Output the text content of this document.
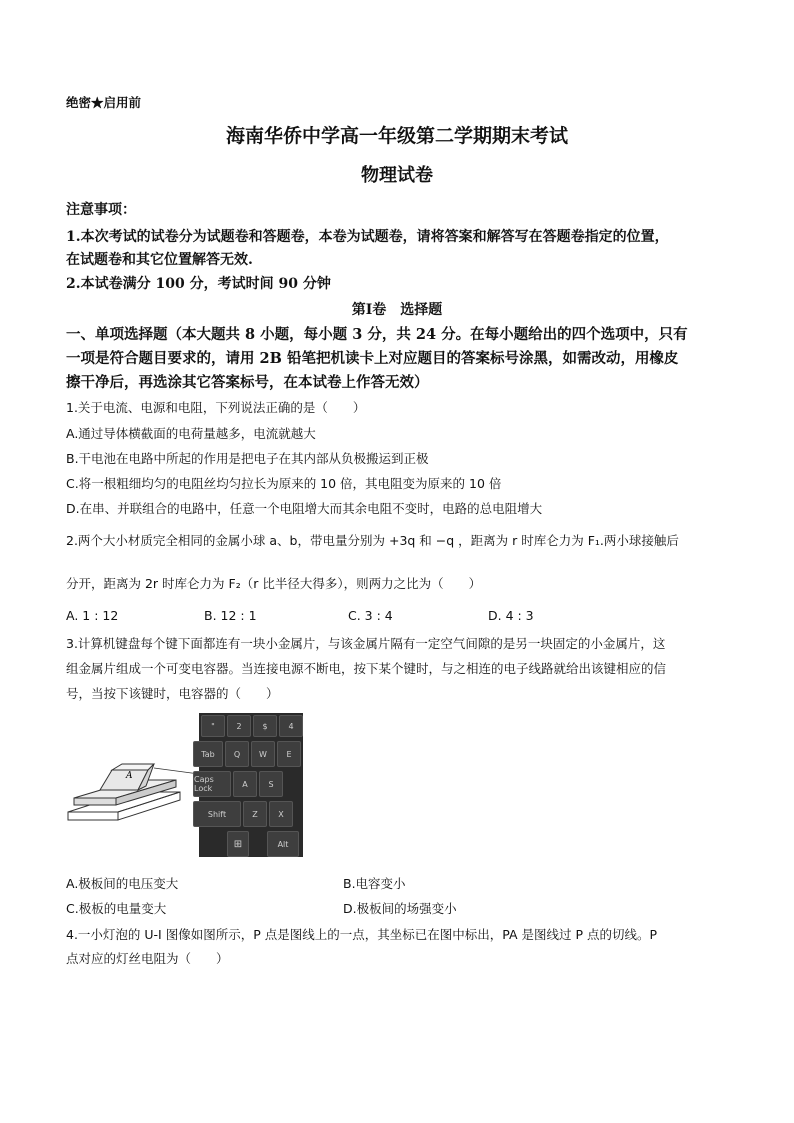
绝密★启用前
海南华侨中学高一年级第二学期期末考试
物理试卷
注意事项：
1.本次考试的试卷分为试题卷和答题卷，本卷为试题卷，请将答案和解答写在答题卷指定的位置，
在试题卷和其它位置解答无效.
2.本试卷满分 100 分，考试时间 90 分钟
第Ⅰ卷　选择题
一、单项选择题（本大题共 8 小题，每小题 3 分，共 24 分。在每小题给出的四个选项中，只有
一项是符合题目要求的，请用 2B 铅笔把机读卡上对应题目的答案标号涂黑，如需改动，用橡皮
擦干净后，再选涂其它答案标号，在本试卷上作答无效）
1.关于电流、电源和电阻，下列说法正确的是（　　）
A.通过导体横截面的电荷量越多，电流就越大
B.干电池在电路中所起的作用是把电子在其内部从负极搬运到正极
C.将一根粗细均匀的电阻丝均匀拉长为原来的 10 倍，其电阻变为原来的 10 倍
D.在串、并联组合的电路中，任意一个电阻增大而其余电阻不变时，电路的总电阻增大
2.两个大小材质完全相同的金属小球 a、b，带电量分别为 +3q 和 −q ，距离为 r 时库仑力为 F₁.两小球接触后
分开，距离为 2r 时库仑力为 F₂（r 比半径大得多），则两力之比为（　　）
A. 1 : 12	B. 12 : 1	C. 3 : 4	D. 4 : 3
3.计算机键盘每个键下面都连有一块小金属片，与该金属片隔有一定空气间隙的是另一块固定的小金属片，这
组金属片组成一个可变电容器。当连接电源不断电，按下某个键时，与之相连的电子线路就给出该键相应的信
号，当按下该键时，电容器的（　　）
A
"	2	$	4
Tab	Q	W	E
A	S
Caps Lock
Z	X
Shift
⊞	Alt
A.极板间的电压变大	B.电容变小
C.极板的电量变大	D.极板间的场强变小
4.一小灯泡的 U-I 图像如图所示，P 点是图线上的一点，其坐标已在图中标出，PA 是图线过 P 点的切线。P
点对应的灯丝电阻为（　　）
